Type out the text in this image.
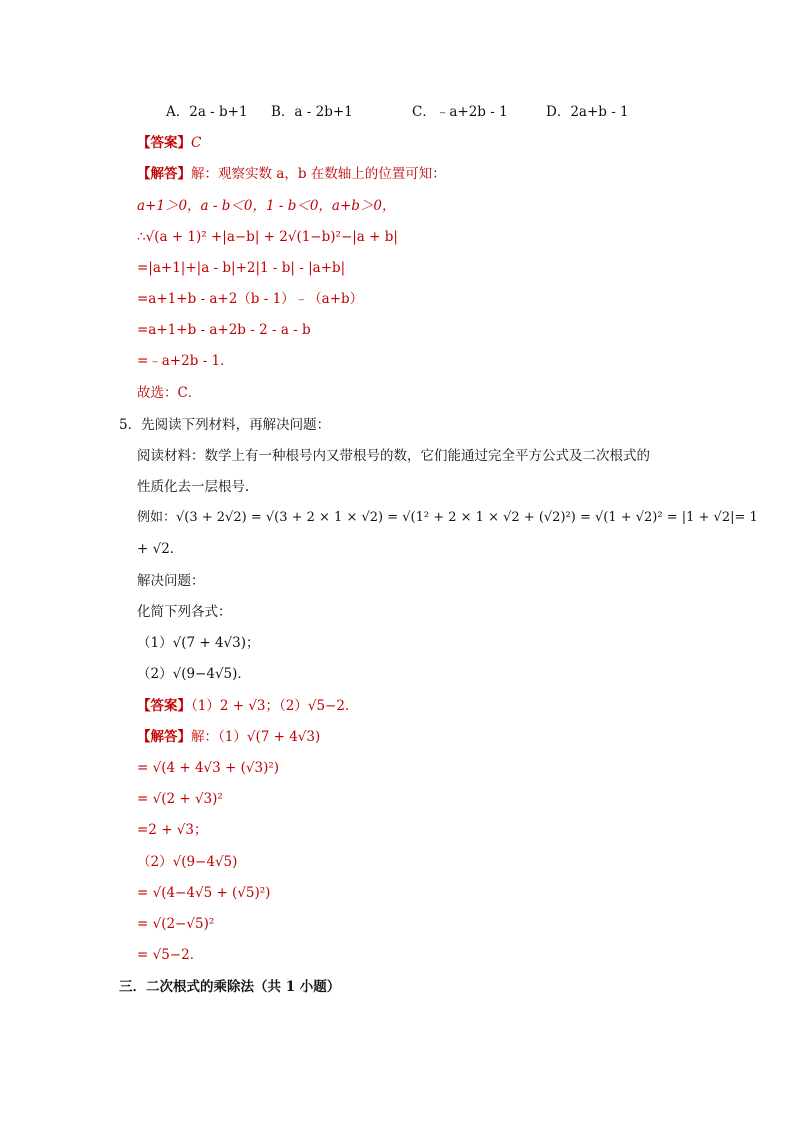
A．2a - b+1 B．a - 2b+1	C．﹣a+2b - 1	D．2a+b - 1
【答案】C
【解答】解：观察实数 a，b 在数轴上的位置可知：
a+1＞0，a - b＜0，1 - b＜0，a+b＞0，
∴√(a + 1)² +|a−b| + 2√(1−b)²−|a + b|
=|a+1|+|a - b|+2|1 - b| - |a+b|
=a+1+b - a+2（b - 1）﹣（a+b）
=a+1+b - a+2b - 2 - a - b
=﹣a+2b - 1．
故选：C．
5．先阅读下列材料，再解决问题：
阅读材料：数学上有一种根号内又带根号的数，它们能通过完全平方公式及二次根式的
性质化去一层根号．
例如：√(3 + 2√2) = √(3 + 2 × 1 × √2) = √(1² + 2 × 1 × √2 + (√2)²) = √(1 + √2)² = |1 + √2|= 1
+ √2．
解决问题：
化简下列各式：
（1）√(7 + 4√3)；
（2）√(9−4√5)．
【答案】（1）2 + √3；（2）√5−2．
【解答】解：（1）√(7 + 4√3)
= √(4 + 4√3 + (√3)²)
= √(2 + √3)²
=2 + √3；
（2）√(9−4√5)
= √(4−4√5 + (√5)²)
= √(2−√5)²
= √5−2．
三．二次根式的乘除法（共 1 小题）
